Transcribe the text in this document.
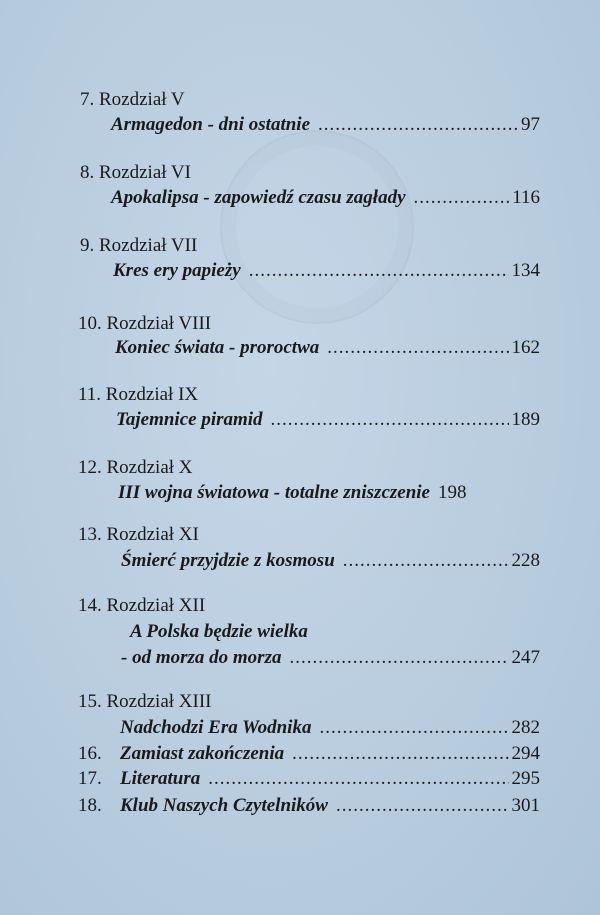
7. Rozdział V
Armagedon - dni ostatnie .....	97
8. Rozdział VI
Apokalipsa - zapowiedź czasu zagłady .....	116
9. Rozdział VII
Kres ery papieży .....	134
10. Rozdział VIII
Koniec świata - proroctwa .....	162
11. Rozdział IX
Tajemnice piramid .....	189
12. Rozdział X
III wojna światowa - totalne zniszczenie 198
13. Rozdział XI
Śmierć przyjdzie z kosmosu .....	228
14. Rozdział XII
A Polska będzie wielka
- od morza do morza .....	247
15. Rozdział XIII
Nadchodzi Era Wodnika .....	282
16. Zamiast zakończenia .....	294
17. Literatura .....	295
18. Klub Naszych Czytelników .....	301
